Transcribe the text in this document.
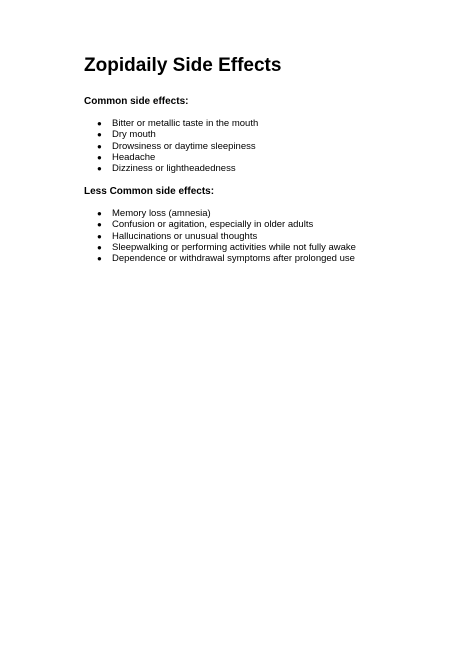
Zopidaily Side Effects
Common side effects:
● Bitter or metallic taste in the mouth
● Dry mouth
● Drowsiness or daytime sleepiness
● Headache
● Dizziness or lightheadedness
Less Common side effects:
● Memory loss (amnesia)
● Confusion or agitation, especially in older adults
● Hallucinations or unusual thoughts
● Sleepwalking or performing activities while not fully awake
● Dependence or withdrawal symptoms after prolonged use
